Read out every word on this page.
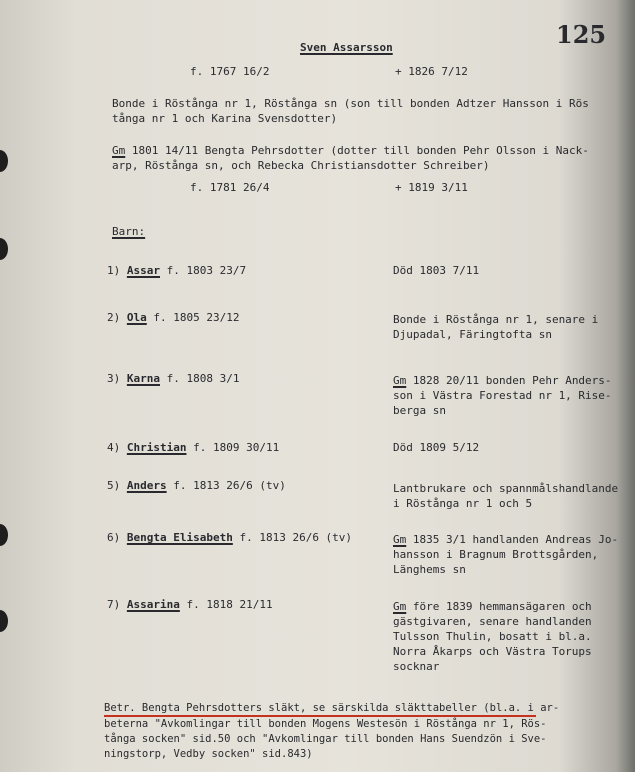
125
Sven Assarsson
f. 1767 16/2	+ 1826 7/12
Bonde i Röstånga nr 1, Röstånga sn (son till bonden Adtzer Hansson i Rös
tånga nr 1 och Karina Svensdotter)
Gm 1801 14/11 Bengta Pehrsdotter (dotter till bonden Pehr Olsson i Nack-
arp, Röstånga sn, och Rebecka Christiansdotter Schreiber)
f. 1781 26/4	+ 1819 3/11
Barn:
1) Assar f. 1803 23/7	Död 1803 7/11
2) Ola f. 1805 23/12	Bonde i Röstånga nr 1, senare i
Djupadal, Färingtofta sn
3) Karna f. 1808 3/1	Gm 1828 20/11 bonden Pehr Anders-
son i Västra Forestad nr 1, Rise-
berga sn
4) Christian f. 1809 30/11	Död 1809 5/12
5) Anders f. 1813 26/6 (tv)	Lantbrukare och spannmålshandlande
i Röstånga nr 1 och 5
6) Bengta Elisabeth f. 1813 26/6 (tv)	Gm 1835 3/1 handlanden Andreas Jo-
hansson i Bragnum Brottsgården,
Länghems sn
7) Assarina f. 1818 21/11	Gm före 1839 hemmansägaren och
gästgivaren, senare handlanden
Tulsson Thulin, bosatt i bl.a.
Norra Åkarps och Västra Torups
socknar
Betr. Bengta Pehrsdotters släkt, se särskilda släkttabeller (bl.a. i ar-
beterna "Avkomlingar till bonden Mogens Westesön i Röstånga nr 1, Rös-
tånga socken" sid.50 och "Avkomlingar till bonden Hans Suendzön i Sve-
ningstorp, Vedby socken" sid.843)
